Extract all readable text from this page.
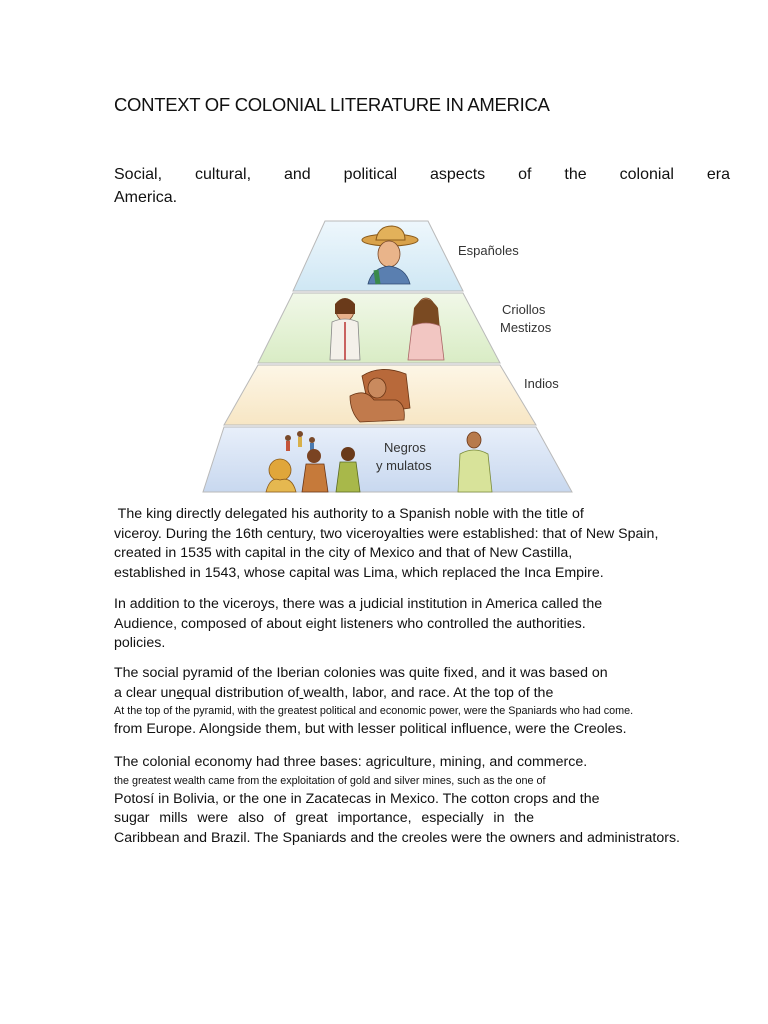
CONTEXT OF COLONIAL LITERATURE IN AMERICA
Social, cultural, and political aspects of the colonial era
America.
Españoles
Criollos
Mestizos
Indios
Negros
y mulatos
The king directly delegated his authority to a Spanish noble with the title of
viceroy. During the 16th century, two viceroyalties were established: that of New Spain,
created in 1535 with capital in the city of Mexico and that of New Castilla,
established in 1543, whose capital was Lima, which replaced the Inca Empire.
In addition to the viceroys, there was a judicial institution in America called the
Audience, composed of about eight listeners who controlled the authorities.
policies.
The social pyramid of the Iberian colonies was quite fixed, and it was based on
a clear unequal distribution of wealth, labor, and race. At the top of the
At the top of the pyramid, with the greatest political and economic power, were the Spaniards who had come.
from Europe. Alongside them, but with lesser political influence, were the Creoles.
The colonial economy had three bases: agriculture, mining, and commerce.
the greatest wealth came from the exploitation of gold and silver mines, such as the one of
Potosí in Bolivia, or the one in Zacatecas in Mexico. The cotton crops and the
sugar mills were also of great importance, especially in the
Caribbean and Brazil. The Spaniards and the creoles were the owners and administrators.
